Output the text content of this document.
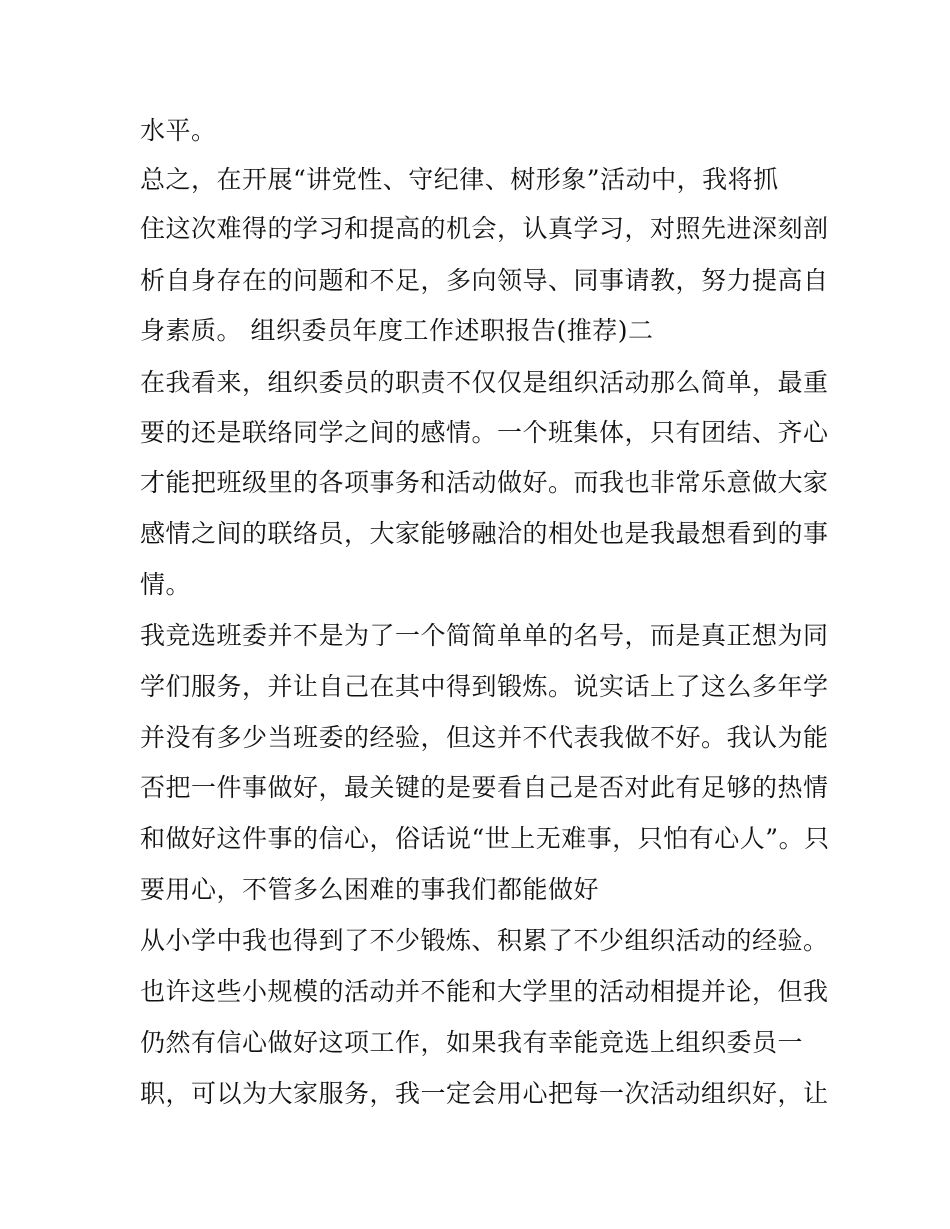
水平。
总之，在开展“讲党性、守纪律、树形象”活动中，我将抓
住这次难得的学习和提高的机会，认真学习，对照先进深刻剖
析自身存在的问题和不足，多向领导、同事请教，努力提高自
身素质。 组织委员年度工作述职报告(推荐)二
在我看来，组织委员的职责不仅仅是组织活动那么简单，最重
要的还是联络同学之间的感情。一个班集体，只有团结、齐心
才能把班级里的各项事务和活动做好。而我也非常乐意做大家
感情之间的联络员，大家能够融洽的相处也是我最想看到的事
情。
我竞选班委并不是为了一个简简单单的名号，而是真正想为同
学们服务，并让自己在其中得到锻炼。说实话上了这么多年学
并没有多少当班委的经验，但这并不代表我做不好。我认为能
否把一件事做好，最关键的是要看自己是否对此有足够的热情
和做好这件事的信心，俗话说“世上无难事，只怕有心人”。只
要用心，不管多么困难的事我们都能做好
从小学中我也得到了不少锻炼、积累了不少组织活动的经验。
也许这些小规模的活动并不能和大学里的活动相提并论，但我
仍然有信心做好这项工作，如果我有幸能竞选上组织委员一
职，可以为大家服务，我一定会用心把每一次活动组织好，让
